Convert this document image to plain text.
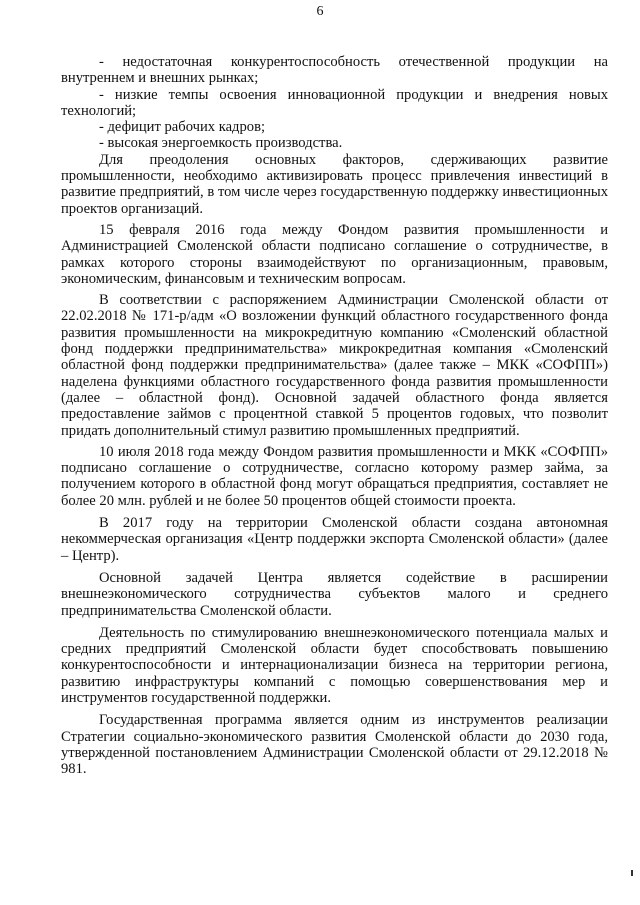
6

- недостаточная конкурентоспособность отечественной продукции на внутреннем и внешних рынках;

- низкие темпы освоения инновационной продукции и внедрения новых технологий;

- дефицит рабочих кадров;

- высокая энергоемкость производства.

Для преодоления основных факторов, сдерживающих развитие промышленности, необходимо активизировать процесс привлечения инвестиций в развитие предприятий, в том числе через государственную поддержку инвестиционных проектов организаций.

15 февраля 2016 года между Фондом развития промышленности и Администрацией Смоленской области подписано соглашение о сотрудничестве, в рамках которого стороны взаимодействуют по организационным, правовым, экономическим, финансовым и техническим вопросам.

В соответствии с распоряжением Администрации Смоленской области от 22.02.2018 № 171-р/адм «О возложении функций областного государственного фонда развития промышленности на микрокредитную компанию «Смоленский областной фонд поддержки предпринимательства» микрокредитная компания «Смоленский областной фонд поддержки предпринимательства» (далее также – МКК «СОФПП») наделена функциями областного государственного фонда развития промышленности (далее – областной фонд). Основной задачей областного фонда является предоставление займов с процентной ставкой 5 процентов годовых, что позволит придать дополнительный стимул развитию промышленных предприятий.

10 июля 2018 года между Фондом развития промышленности и МКК «СОФПП» подписано соглашение о сотрудничестве, согласно которому размер займа, за получением которого в областной фонд могут обращаться предприятия, составляет не более 20 млн. рублей и не более 50 процентов общей стоимости проекта.

В 2017 году на территории Смоленской области создана автономная некоммерческая организация «Центр поддержки экспорта Смоленской области» (далее – Центр).

Основной задачей Центра является содействие в расширении внешнеэкономического сотрудничества субъектов малого и среднего предпринимательства Смоленской области.

Деятельность по стимулированию внешнеэкономического потенциала малых и средних предприятий Смоленской области будет способствовать повышению конкурентоспособности и интернационализации бизнеса на территории региона, развитию инфраструктуры компаний с помощью совершенствования мер и инструментов государственной поддержки.

Государственная программа является одним из инструментов реализации Стратегии социально-экономического развития Смоленской области до 2030 года, утвержденной постановлением Администрации Смоленской области от 29.12.2018 № 981.
